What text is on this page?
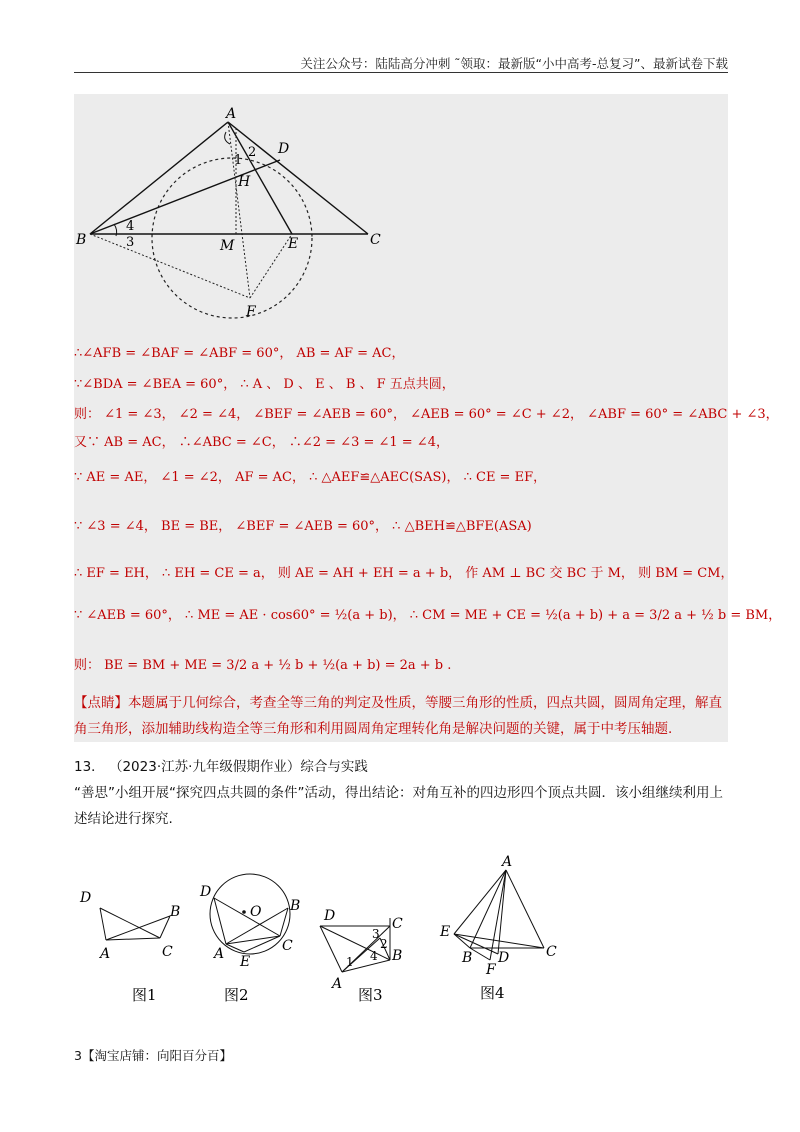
关注公众号：陆陆高分冲刺 ˜领取：最新版“小中高考-总复习”、最新试卷下载
A
B	C
D
E
F
H
M
1
2
3
4
∴∠AFB = ∠BAF = ∠ABF = 60°， AB = AF = AC，
∵∠BDA = ∠BEA = 60°， ∴ A 、 D 、 E 、 B 、 F 五点共圆，
则： ∠1 = ∠3， ∠2 = ∠4， ∠BEF = ∠AEB = 60°， ∠AEB = 60° = ∠C + ∠2， ∠ABF = 60° = ∠ABC + ∠3，
又∵ AB = AC， ∴∠ABC = ∠C， ∴∠2 = ∠3 = ∠1 = ∠4，
∵ AE = AE， ∠1 = ∠2， AF = AC， ∴ △AEF≌△AEC(SAS)， ∴ CE = EF，
∵ ∠3 = ∠4， BE = BE， ∠BEF = ∠AEB = 60°， ∴ △BEH≌△BFE(ASA)
∴ EF = EH， ∴ EH = CE = a， 则 AE = AH + EH = a + b， 作 AM ⊥ BC 交 BC 于 M， 则 BM = CM，
∵ ∠AEB = 60°， ∴ ME = AE · cos60° = ½(a + b)， ∴ CM = ME + CE = ½(a + b) + a = 3/2 a + ½ b = BM，
则： BE = BM + ME = 3/2 a + ½ b + ½(a + b) = 2a + b .
【点睛】本题属于几何综合，考查全等三角的判定及性质，等腰三角形的性质，四点共圆，圆周角定理，解直角三角形，添加辅助线构造全等三角形和利用圆周角定理转化角是解决问题的关键，属于中考压轴题.
13． （2023·江苏·九年级假期作业）综合与实践
“善思”小组开展“探究四点共圆的条件”活动，得出结论：对角互补的四边形四个顶点共圆．该小组继续利用上述结论进行探究.
D
A	C
B
图1
D
O B
A	C
E
图2
D	C
B
A
1
2
3
4
图3
A
E
B D	C
F
图4
3【淘宝店铺：向阳百分百】
